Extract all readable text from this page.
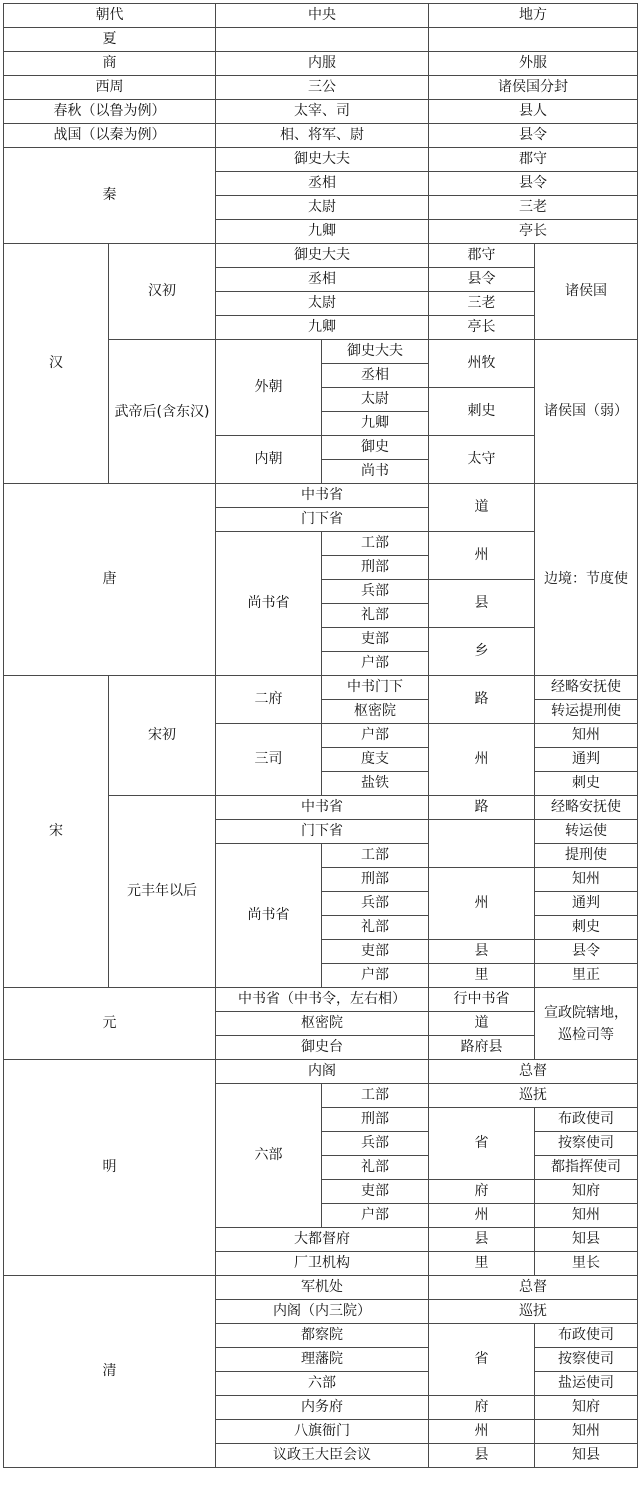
朝代		中央		地方	
夏					
商		内服		外服	
西周		三公		诸侯国分封	
春秋（以鲁为例）		太宰、司		县人	
战国（以秦为例）		相、将军、尉		县令	
秦		御史大夫		郡守	
		丞相		县令	
		太尉		三老	
		九卿		亭长	
汉	汉初	御史大夫		郡守	诸侯国
		丞相		县令	
		太尉		三老	
		九卿		亭长	
	武帝后(含东汉)	外朝	御史大夫	州牧	诸侯国（弱）
			丞相		
			太尉	刺史	
			九卿		
		内朝	御史	太守	
			尚书		
唐		中书省		道	边境：节度使
		门下省			
		尚书省	工部	州	
			刑部		
			兵部	县	
			礼部		
			吏部	乡	
			户部		
宋	宋初	二府	中书门下	路	经略安抚使
			枢密院		转运提刑使
		三司	户部	州	知州
			度支		通判
			盐铁		刺史
	元丰年以后	中书省		路	经略安抚使
		门下省			转运使
		尚书省	工部		提刑使
			刑部	州	知州
			兵部		通判
			礼部		刺史
			吏部	县	县令
			户部	里	里正
元		中书省（中书令，左右相）		行中书省	宣政院辖地，巡检司等
		枢密院		道	
		御史台		路府县	
明		内阁		总督	
		六部	工部	巡抚	
			刑部	省	布政使司
			兵部		按察使司
			礼部		都指挥使司
			吏部	府	知府
			户部	州	知州
		大都督府		县	知县
		厂卫机构		里	里长
清		军机处		总督	
		内阁（内三院）		巡抚	
		都察院		省	布政使司
		理藩院			按察使司
		六部			盐运使司
		内务府		府	知府
		八旗衙门		州	知州
		议政王大臣会议		县	知县
